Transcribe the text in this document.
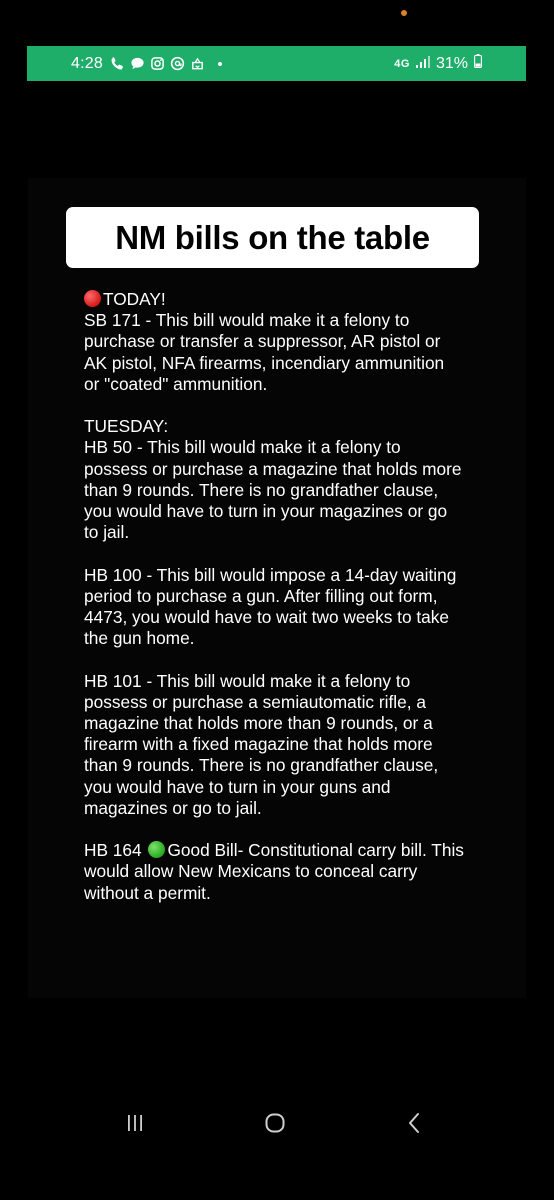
4:28	4G 31%
NM bills on the table

TODAY!

SB 171 - This bill would make it a felony to purchase or transfer a suppressor, AR pistol or AK pistol, NFA firearms, incendiary ammunition or "coated" ammunition.

TUESDAY:

HB 50 - This bill would make it a felony to possess or purchase a magazine that holds more than 9 rounds. There is no grandfather clause, you would have to turn in your magazines or go to jail.

HB 100 - This bill would impose a 14-day waiting period to purchase a gun. After filling out form, 4473, you would have to wait two weeks to take the gun home.

HB 101 - This bill would make it a felony to possess or purchase a semiautomatic rifle, a magazine that holds more than 9 rounds, or a firearm with a fixed magazine that holds more than 9 rounds. There is no grandfather clause, you would have to turn in your guns and magazines or go to jail.

HB 164 Good Bill- Constitutional carry bill. This would allow New Mexicans to conceal carry without a permit.
